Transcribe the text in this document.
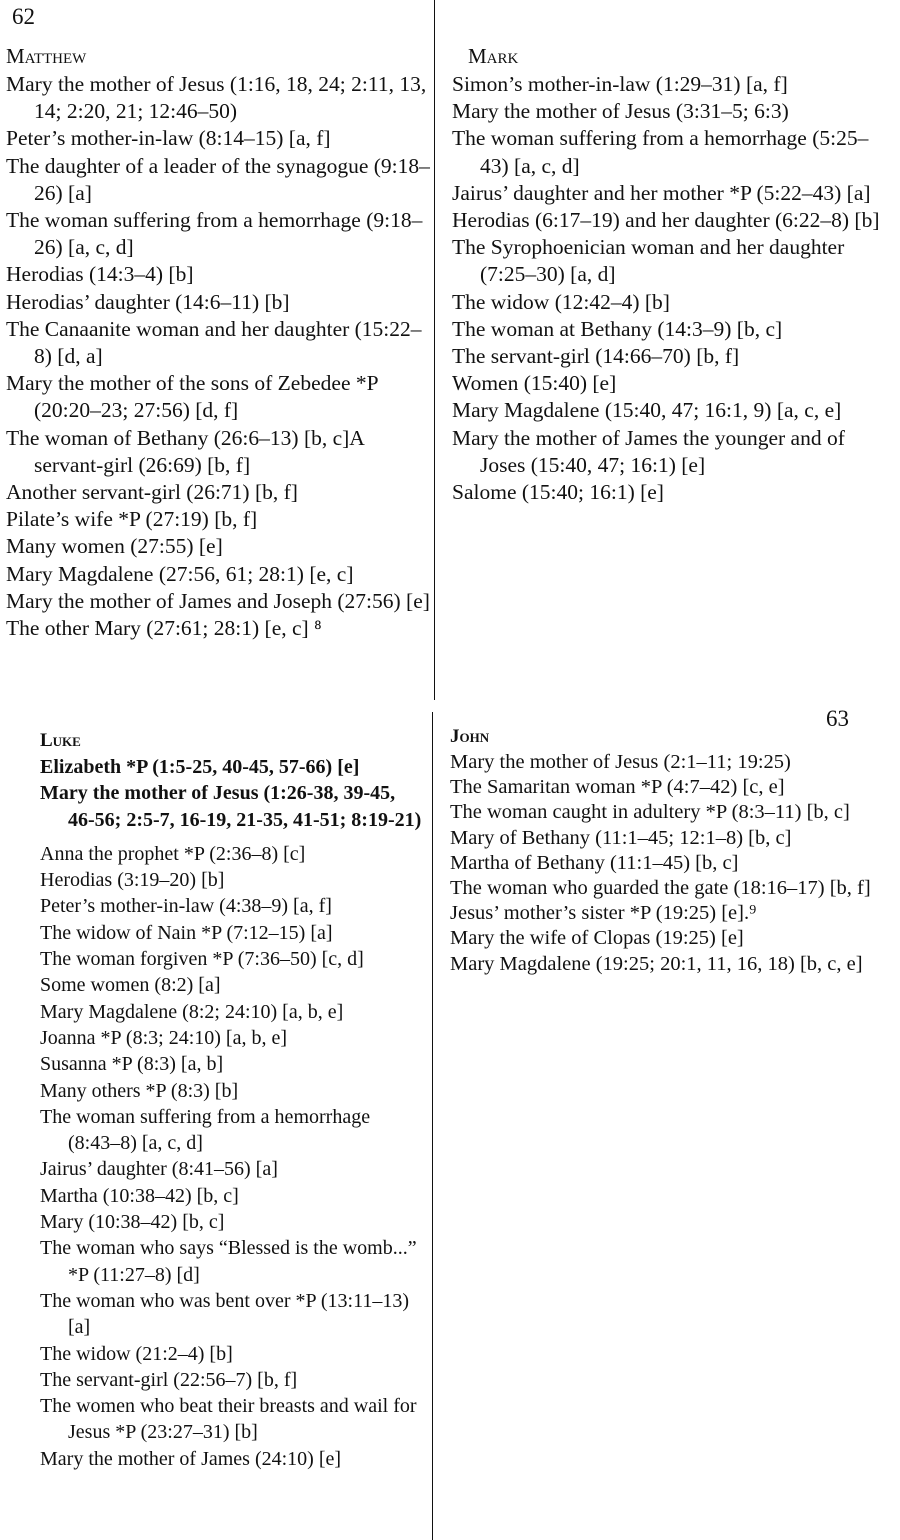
62
63
Matthew
Mary the mother of Jesus (1:16, 18, 24; 2:11, 13, 14; 2:20, 21; 12:46–50)
Peter’s mother-in-law (8:14–15) [a, f]
The daughter of a leader of the synagogue (9:18–26) [a]
The woman suffering from a hemorrhage (9:18–26) [a, c, d]
Herodias (14:3–4) [b]
Herodias’ daughter (14:6–11) [b]
The Canaanite woman and her daughter (15:22–8) [d, a]
Mary the mother of the sons of Zebedee *P (20:20–23; 27:56) [d, f]
The woman of Bethany (26:6–13) [b, c]A servant-girl (26:69) [b, f]
Another servant-girl (26:71) [b, f]
Pilate’s wife *P (27:19) [b, f]
Many women (27:55) [e]
Mary Magdalene (27:56, 61; 28:1) [e, c]
Mary the mother of James and Joseph (27:56) [e]
The other Mary (27:61; 28:1) [e, c] ⁸
Mark
Simon’s mother-in-law (1:29–31) [a, f]
Mary the mother of Jesus (3:31–5; 6:3)
The woman suffering from a hemorrhage (5:25–43) [a, c, d]
Jairus’ daughter and her mother *P (5:22–43) [a]
Herodias (6:17–19) and her daughter (6:22–8) [b]
The Syrophoenician woman and her daughter (7:25–30) [a, d]
The widow (12:42–4) [b]
The woman at Bethany (14:3–9) [b, c]
The servant-girl (14:66–70) [b, f]
Women (15:40) [e]
Mary Magdalene (15:40, 47; 16:1, 9) [a, c, e]
Mary the mother of James the younger and of Joses (15:40, 47; 16:1) [e]
Salome (15:40; 16:1) [e]
Luke
Elizabeth *P (1:5-25, 40-45, 57-66) [e]
Mary the mother of Jesus (1:26-38, 39-45, 46-56; 2:5-7, 16-19, 21-35, 41-51; 8:19-21)
Anna the prophet *P (2:36–8) [c]
Herodias (3:19–20) [b]
Peter’s mother-in-law (4:38–9) [a, f]
The widow of Nain *P (7:12–15) [a]
The woman forgiven *P (7:36–50) [c, d]
Some women (8:2) [a]
Mary Magdalene (8:2; 24:10) [a, b, e]
Joanna *P (8:3; 24:10) [a, b, e]
Susanna *P (8:3) [a, b]
Many others *P (8:3) [b]
The woman suffering from a hemorrhage (8:43–8) [a, c, d]
Jairus’ daughter (8:41–56) [a]
Martha (10:38–42) [b, c]
Mary (10:38–42) [b, c]
The woman who says “Blessed is the womb...” *P (11:27–8) [d]
The woman who was bent over *P (13:11–13) [a]
The widow (21:2–4) [b]
The servant-girl (22:56–7) [b, f]
The women who beat their breasts and wail for Jesus *P (23:27–31) [b]
Mary the mother of James (24:10) [e]
John
Mary the mother of Jesus (2:1–11; 19:25)
The Samaritan woman *P (4:7–42) [c, e]
The woman caught in adultery *P (8:3–11) [b, c]
Mary of Bethany (11:1–45; 12:1–8) [b, c]
Martha of Bethany (11:1–45) [b, c]
The woman who guarded the gate (18:16–17) [b, f]
Jesus’ mother’s sister *P (19:25) [e].⁹
Mary the wife of Clopas (19:25) [e]
Mary Magdalene (19:25; 20:1, 11, 16, 18) [b, c, e]
